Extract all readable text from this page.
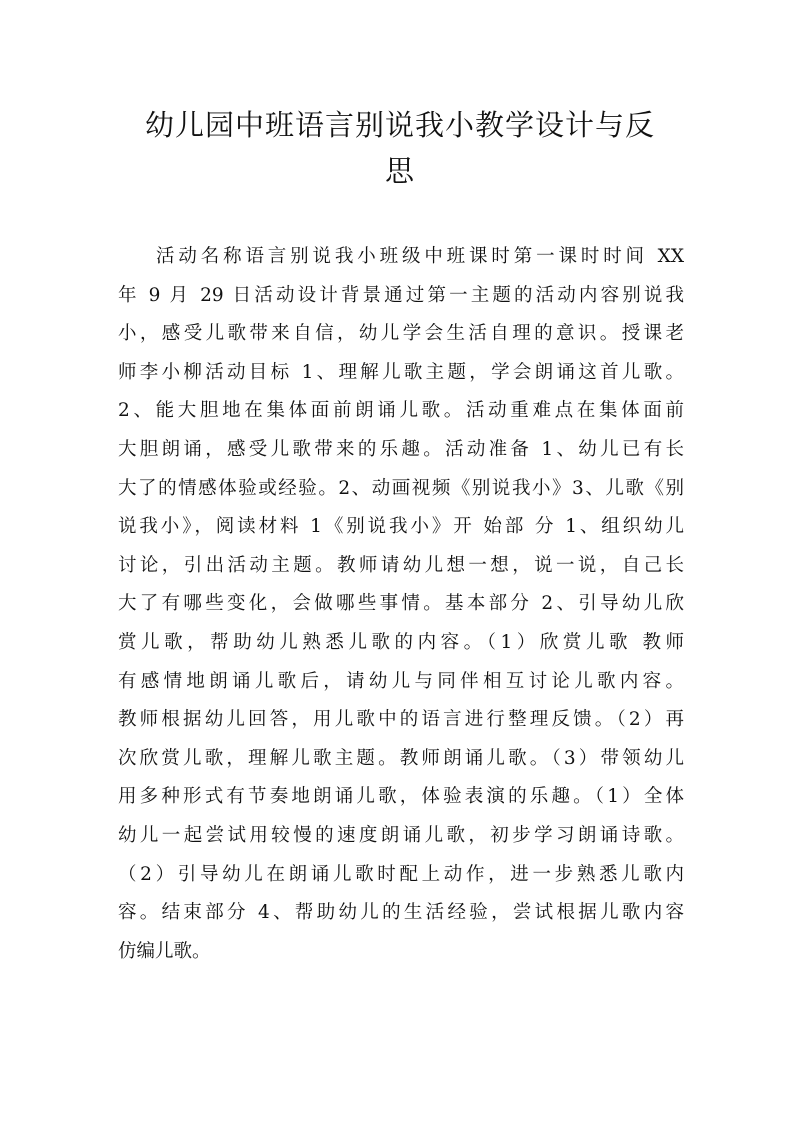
幼儿园中班语言别说我小教学设计与反
思
活动名称语言别说我小班级中班课时第一课时时间 XX
年 9 月 29 日活动设计背景通过第一主题的活动内容别说我
小，感受儿歌带来自信，幼儿学会生活自理的意识。授课老
师李小柳活动目标 1、理解儿歌主题，学会朗诵这首儿歌。
2、能大胆地在集体面前朗诵儿歌。活动重难点在集体面前
大胆朗诵，感受儿歌带来的乐趣。活动准备 1、幼儿已有长
大了的情感体验或经验。2、动画视频《别说我小》3、儿歌《别
说我小》，阅读材料 1《别说我小》开 始部 分 1、组织幼儿
讨论，引出活动主题。教师请幼儿想一想，说一说，自己长
大了有哪些变化，会做哪些事情。基本部分 2、引导幼儿欣
赏儿歌，帮助幼儿熟悉儿歌的内容。（1）欣赏儿歌 教师
有感情地朗诵儿歌后，请幼儿与同伴相互讨论儿歌内容。
教师根据幼儿回答，用儿歌中的语言进行整理反馈。（2）再
次欣赏儿歌，理解儿歌主题。教师朗诵儿歌。（3）带领幼儿
用多种形式有节奏地朗诵儿歌，体验表演的乐趣。（1）全体
幼儿一起尝试用较慢的速度朗诵儿歌，初步学习朗诵诗歌。
（2）引导幼儿在朗诵儿歌时配上动作，进一步熟悉儿歌内
容。结束部分 4、帮助幼儿的生活经验，尝试根据儿歌内容
仿编儿歌。
